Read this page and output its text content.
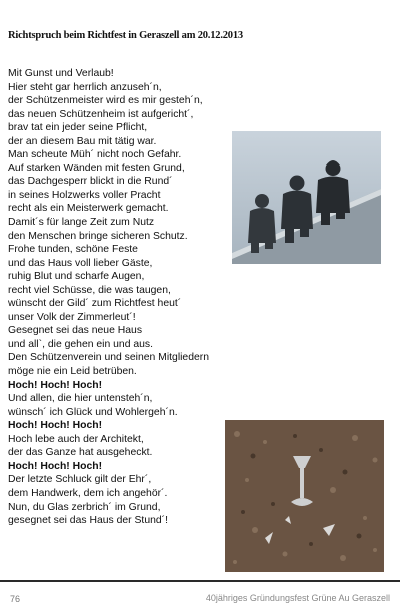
Richtspruch beim Richtfest in Geraszell am 20.12.2013
Mit Gunst und Verlaub!
Hier steht gar herrlich anzuseh´n,
der Schützenmeister wird es mir gesteh´n,
das neuen Schützenheim ist aufgericht´,
brav tat ein jeder seine Pflicht,
der an diesem Bau mit tätig war.
Man scheute Müh´ nicht noch Gefahr.
Auf starken Wänden mit festen Grund,
das Dachgesperr blickt in die Rund´
in seines Holzwerks voller Pracht
recht als ein Meisterwerk gemacht.
Damit´s für lange Zeit zum Nutz
den Menschen bringe sicheren Schutz.
Frohe tunden, schöne Feste
und das Haus voll lieber Gäste,
ruhig Blut und scharfe Augen,
recht viel Schüsse, die was taugen,
wünscht der Gild´ zum Richtfest heut´
unser Volk der Zimmerleut´!
Gesegnet sei das neue Haus
und all`, die gehen ein und aus.
Den Schützenverein und seinen Mitgliedern
möge nie ein Leid betrüben.
Hoch! Hoch! Hoch!
Und allen, die hier untensteh´n,
wünsch´ ich Glück und Wohlergeh´n.
Hoch! Hoch! Hoch!
Hoch lebe auch der Architekt,
der das Ganze hat ausgeheckt.
Hoch! Hoch! Hoch!
Der letzte Schluck gilt der Ehr´,
dem Handwerk, dem ich angehör´.
Nun, du Glas zerbrich´ im Grund,
gesegnet sei das Haus der Stund´!
76	40jähriges Gründungsfest Grüne Au Geraszell
